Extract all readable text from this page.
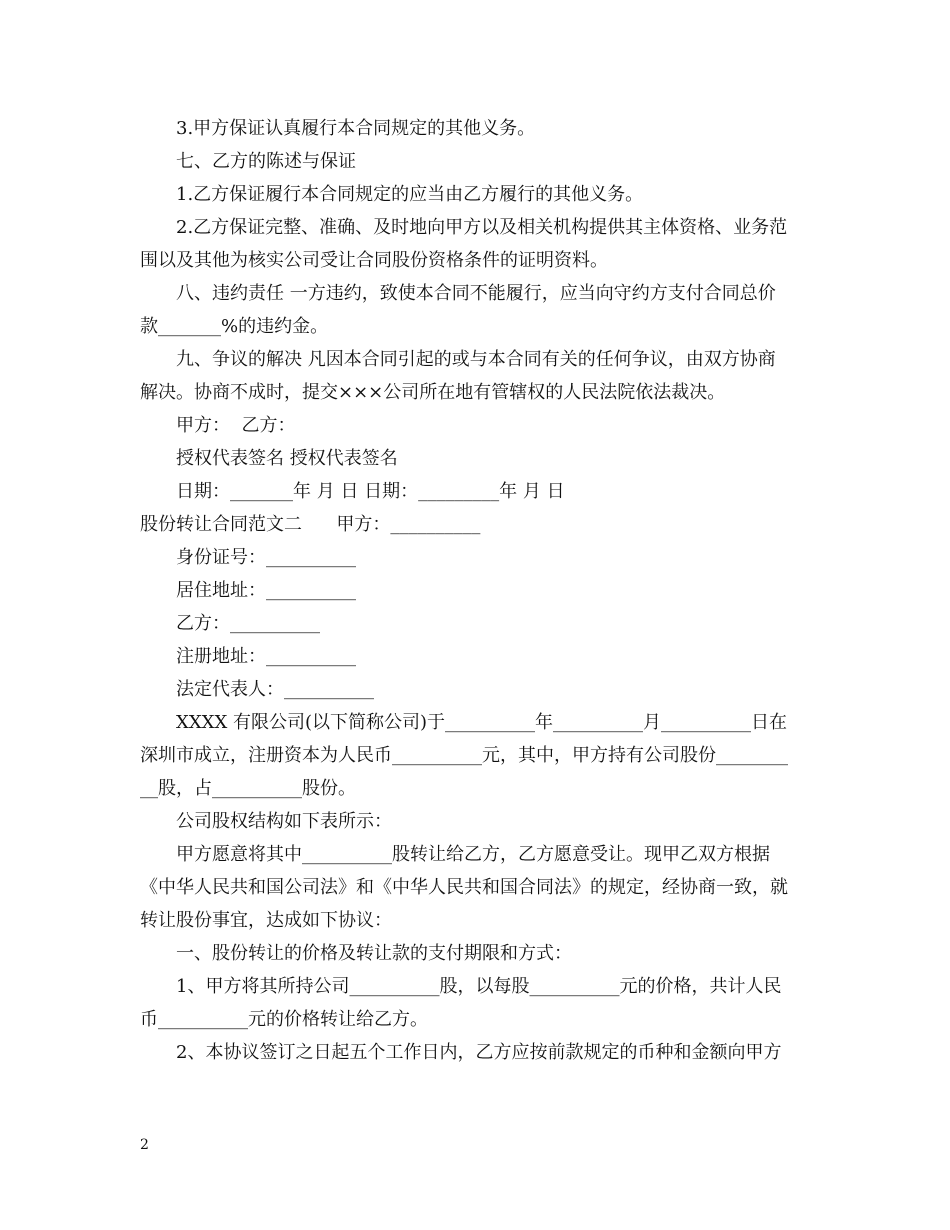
3.甲方保证认真履行本合同规定的其他义务。

七、乙方的陈述与保证

1.乙方保证履行本合同规定的应当由乙方履行的其他义务。

2.乙方保证完整、准确、及时地向甲方以及相关机构提供其主体资格、业务范

围以及其他为核实公司受让合同股份资格条件的证明资料。

八、违约责任 一方违约，致使本合同不能履行，应当向守约方支付合同总价

款_______%的违约金。

九、争议的解决 凡因本合同引起的或与本合同有关的任何争议，由双方协商

解决。协商不成时，提交×××公司所在地有管辖权的人民法院依法裁决。

甲方：  乙方：

授权代表签名 授权代表签名

日期：_______年 月 日 日期：_________年 月 日

股份转让合同范文二      甲方：__________

身份证号：__________

居住地址：__________

乙方：__________

注册地址：__________

法定代表人：__________

XXXX 有限公司(以下简称公司)于__________年__________月__________日在

深圳市成立，注册资本为人民币__________元，其中，甲方持有公司股份________

__股，占__________股份。

公司股权结构如下表所示：

甲方愿意将其中__________股转让给乙方，乙方愿意受让。现甲乙双方根据

《中华人民共和国公司法》和《中华人民共和国合同法》的规定，经协商一致，就

转让股份事宜，达成如下协议：

一、股份转让的价格及转让款的支付期限和方式：

1、甲方将其所持公司__________股，以每股__________元的价格，共计人民

币__________元的价格转让给乙方。

2、本协议签订之日起五个工作日内，乙方应按前款规定的币种和金额向甲方

2
